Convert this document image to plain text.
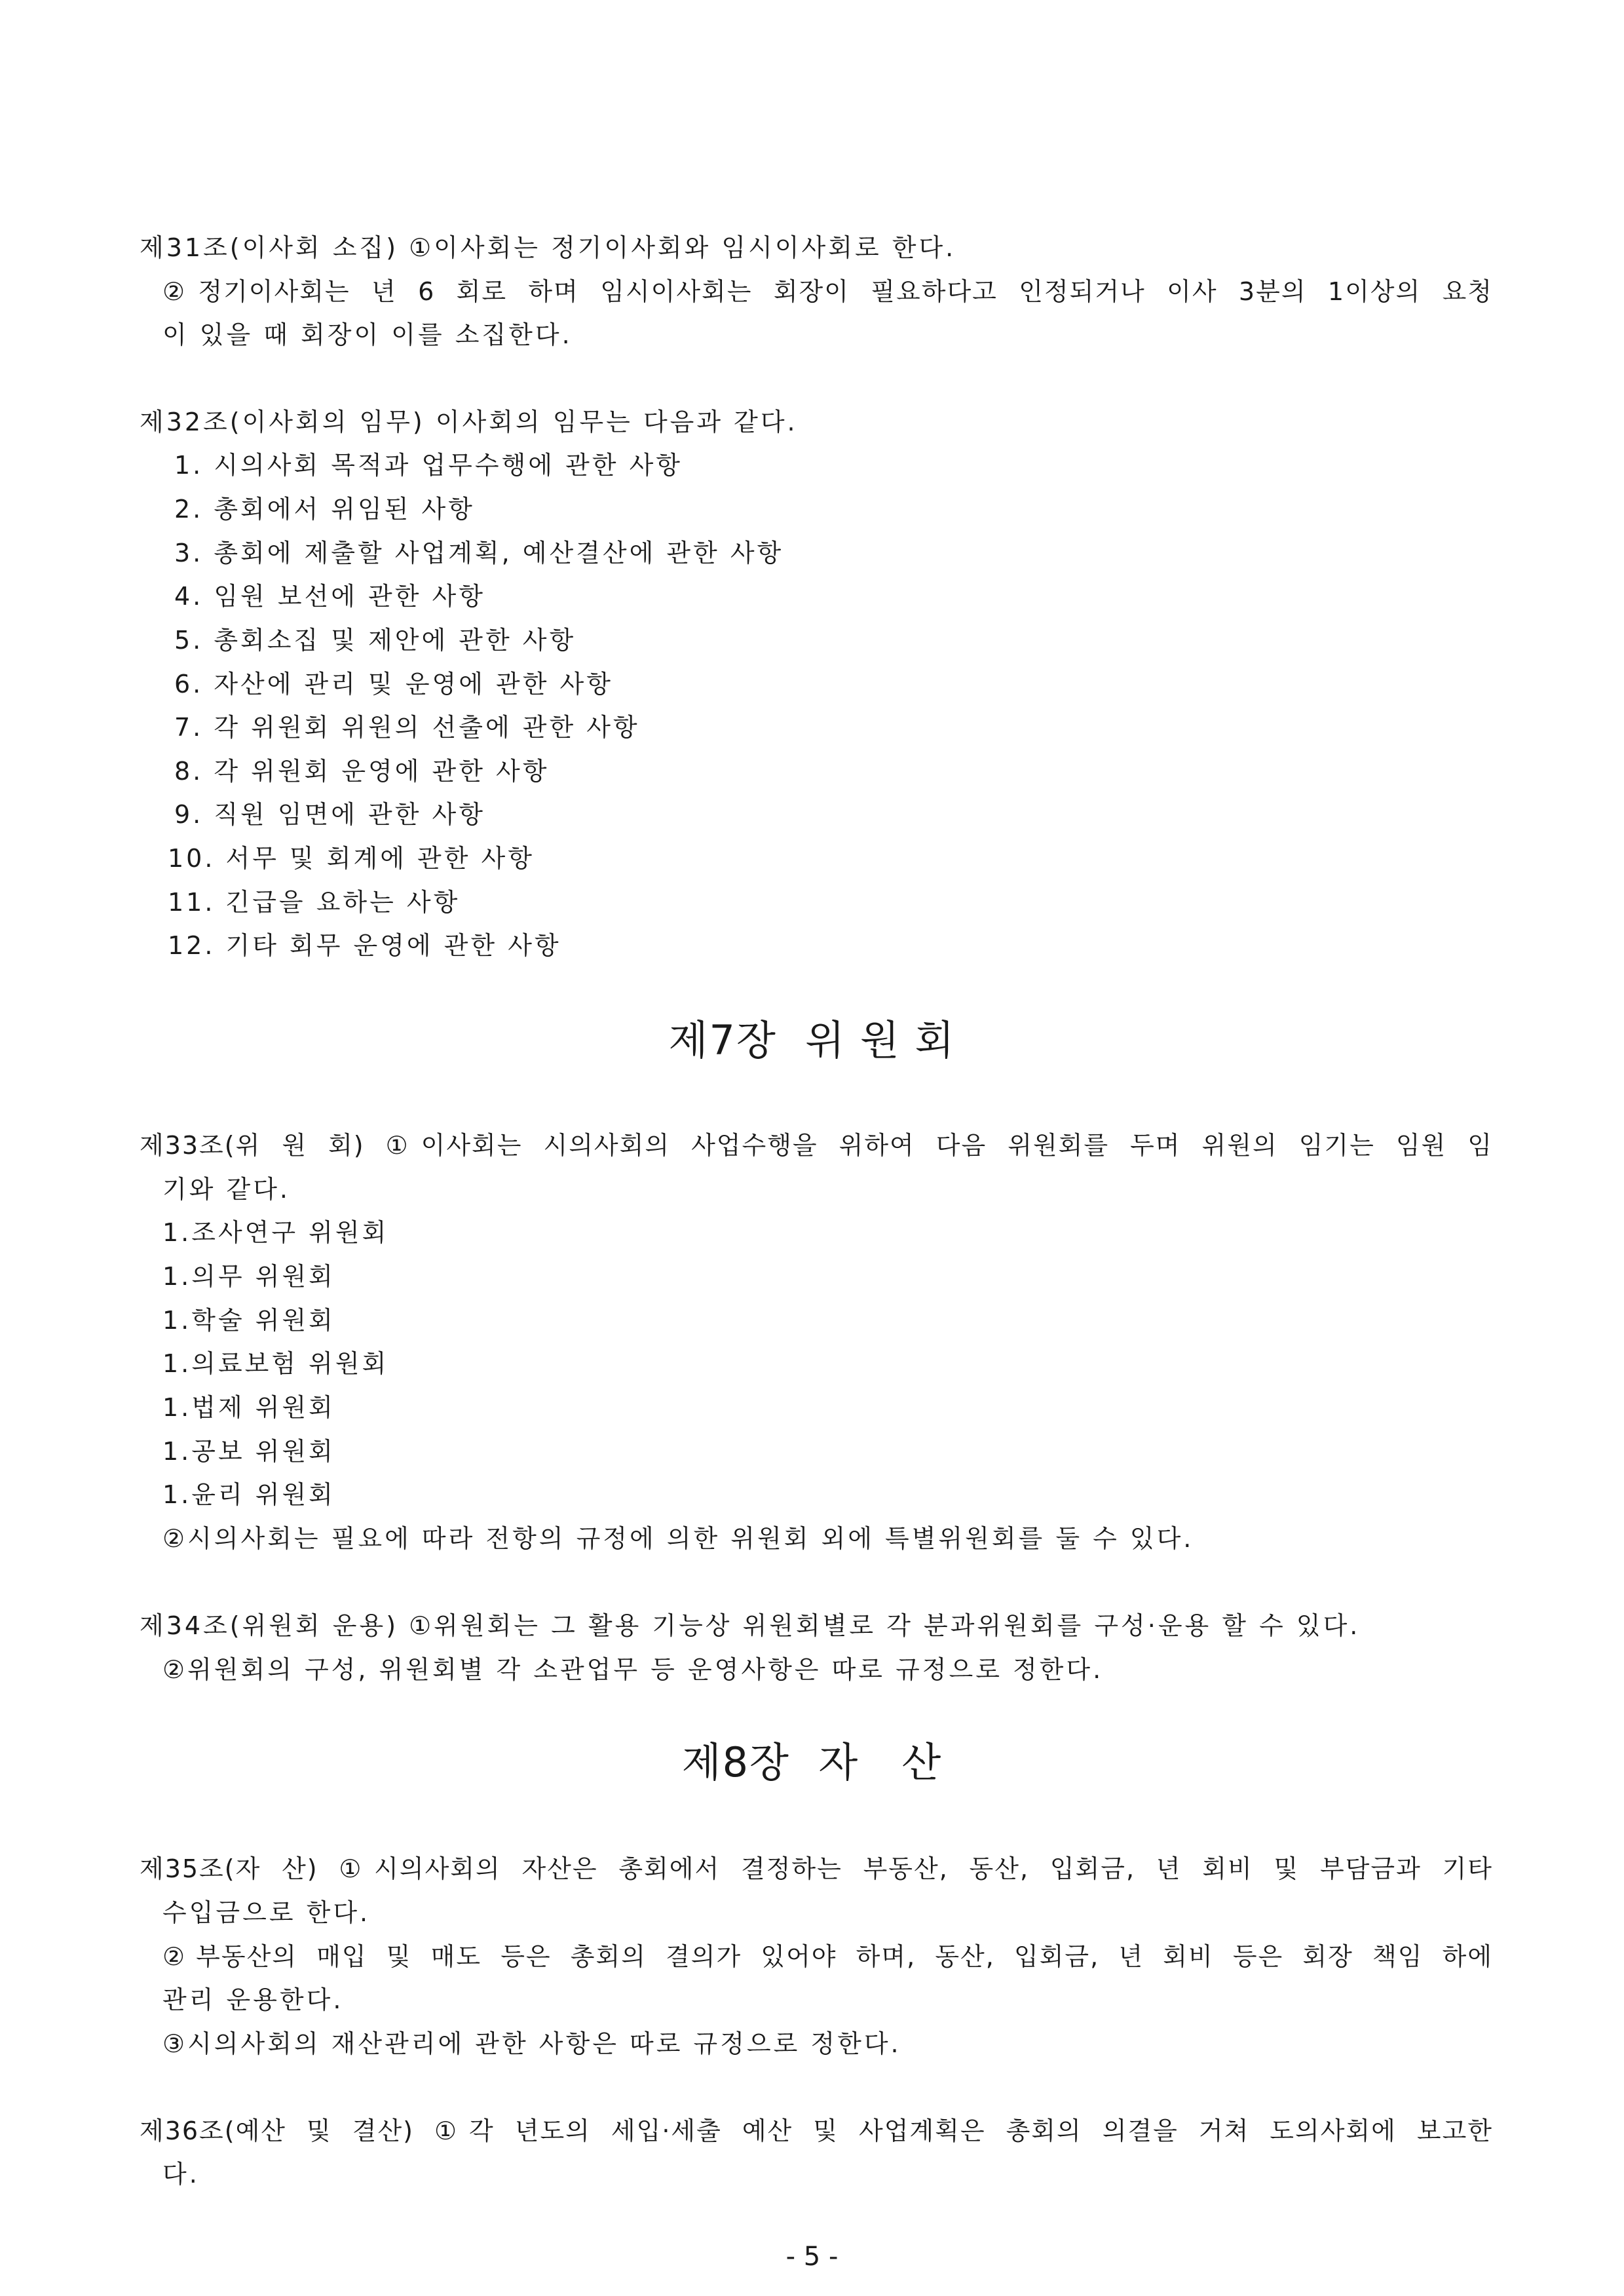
제31조(이사회 소집) ①이사회는 정기이사회와 임시이사회로 한다.
②정기이사회는 년 6 회로 하며 임시이사회는 회장이 필요하다고 인정되거나 이사 3분의 1이상의 요청
이 있을 때 회장이 이를 소집한다.
제32조(이사회의 임무) 이사회의 임무는 다음과 같다.
1. 시의사회 목적과 업무수행에 관한 사항
2. 총회에서 위임된 사항
3. 총회에 제출할 사업계획, 예산결산에 관한 사항
4. 임원 보선에 관한 사항
5. 총회소집 및 제안에 관한 사항
6. 자산에 관리 및 운영에 관한 사항
7. 각 위원회 위원의 선출에 관한 사항
8. 각 위원회 운영에 관한 사항
9. 직원 임면에 관한 사항
10. 서무 및 회계에 관한 사항
11. 긴급을 요하는 사항
12. 기타 회무 운영에 관한 사항
제7장  위 원 회
제33조(위 원 회) ①이사회는 시의사회의 사업수행을 위하여 다음 위원회를 두며 위원의 임기는 임원 임
기와 같다.
1.조사연구 위원회
1.의무 위원회
1.학술 위원회
1.의료보험 위원회
1.법제 위원회
1.공보 위원회
1.윤리 위원회
②시의사회는 필요에 따라 전항의 규정에 의한 위원회 외에 특별위원회를 둘 수 있다.
제34조(위원회 운용) ①위원회는 그 활용 기능상 위원회별로 각 분과위원회를 구성·운용 할 수 있다.
②위원회의 구성, 위원회별 각 소관업무 등 운영사항은 따로 규정으로 정한다.
제8장  자   산
제35조(자 산) ①시의사회의 자산은 총회에서 결정하는 부동산, 동산, 입회금, 년 회비 및 부담금과 기타
수입금으로 한다.
②부동산의 매입 및 매도 등은 총회의 결의가 있어야 하며, 동산, 입회금, 년 회비 등은 회장 책임 하에
관리 운용한다.
③시의사회의 재산관리에 관한 사항은 따로 규정으로 정한다.
제36조(예산 및 결산) ①각 년도의 세입·세출 예산 및 사업계획은 총회의 의결을 거쳐 도의사회에 보고한
다.
- 5 -
